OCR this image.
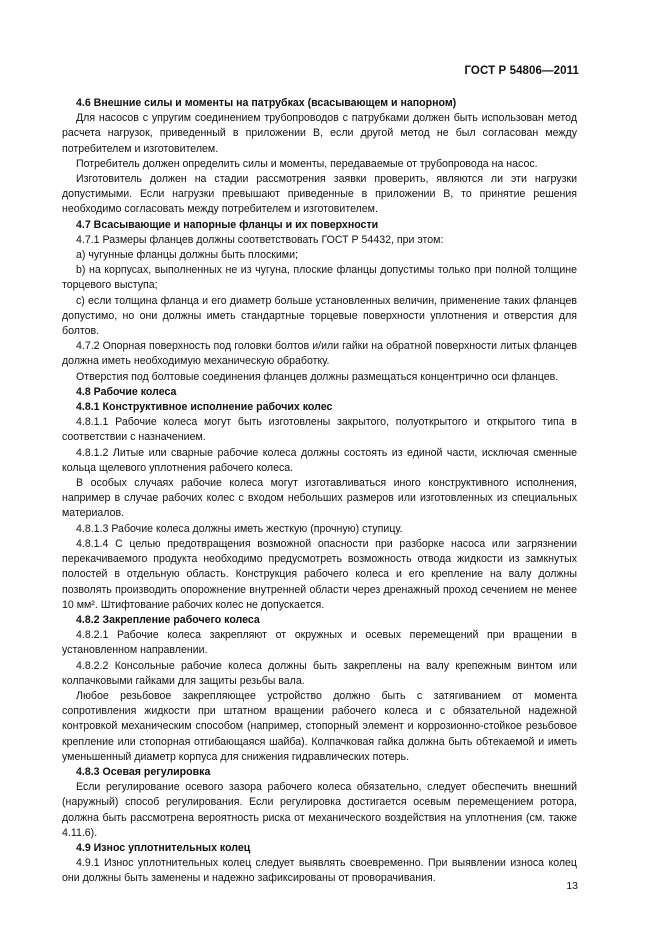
ГОСТ Р 54806—2011
4.6 Внешние силы и моменты на патрубках (всасывающем и напорном)

Для насосов с упругим соединением трубопроводов с патрубками должен быть использован метод расчета нагрузок, приведенный в приложении В, если другой метод не был согласован между потребителем и изготовителем.

Потребитель должен определить силы и моменты, передаваемые от трубопровода на насос.

Изготовитель должен на стадии рассмотрения заявки проверить, являются ли эти нагрузки допустимыми. Если нагрузки превышают приведенные в приложении В, то принятие решения необходимо согласовать между потребителем и изготовителем.

4.7 Всасывающие и напорные фланцы и их поверхности

4.7.1 Размеры фланцев должны соответствовать ГОСТ Р 54432, при этом:

а) чугунные фланцы должны быть плоскими;

b) на корпусах, выполненных не из чугуна, плоские фланцы допустимы только при полной толщине торцевого выступа;

c) если толщина фланца и его диаметр больше установленных величин, применение таких фланцев допустимо, но они должны иметь стандартные торцевые поверхности уплотнения и отверстия для болтов.

4.7.2 Опорная поверхность под головки болтов и/или гайки на обратной поверхности литых фланцев должна иметь необходимую механическую обработку.

Отверстия под болтовые соединения фланцев должны размещаться концентрично оси фланцев.

4.8 Рабочие колеса
4.8.1 Конструктивное исполнение рабочих колес

4.8.1.1 Рабочие колеса могут быть изготовлены закрытого, полуоткрытого и открытого типа в соответствии с назначением.

4.8.1.2 Литые или сварные рабочие колеса должны состоять из единой части, исключая сменные кольца щелевого уплотнения рабочего колеса.

В особых случаях рабочие колеса могут изготавливаться иного конструктивного исполнения, например в случае рабочих колес с входом небольших размеров или изготовленных из специальных материалов.

4.8.1.3 Рабочие колеса должны иметь жесткую (прочную) ступицу.

4.8.1.4 С целью предотвращения возможной опасности при разборке насоса или загрязнении перекачиваемого продукта необходимо предусмотреть возможность отвода жидкости из замкнутых полостей в отдельную область. Конструкция рабочего колеса и его крепление на валу должны позволять производить опорожнение внутренней области через дренажный проход сечением не менее 10 мм². Штифтование рабочих колес не допускается.

4.8.2 Закрепление рабочего колеса

4.8.2.1 Рабочие колеса закрепляют от окружных и осевых перемещений при вращении в установленном направлении.

4.8.2.2 Консольные рабочие колеса должны быть закреплены на валу крепежным винтом или колпачковыми гайками для защиты резьбы вала.

Любое резьбовое закрепляющее устройство должно быть с затягиванием от момента сопротивления жидкости при штатном вращении рабочего колеса и с обязательной надежной контровкой механическим способом (например, стопорный элемент и коррозионно-стойкое резьбовое крепление или стопорная отгибающаяся шайба). Колпачковая гайка должна быть обтекаемой и иметь уменьшенный диаметр корпуса для снижения гидравлических потерь.

4.8.3 Осевая регулировка

Если регулирование осевого зазора рабочего колеса обязательно, следует обеспечить внешний (наружный) способ регулирования. Если регулировка достигается осевым перемещением ротора, должна быть рассмотрена вероятность риска от механического воздействия на уплотнения (см. также 4.11.6).

4.9 Износ уплотнительных колец

4.9.1 Износ уплотнительных колец следует выявлять своевременно. При выявлении износа колец они должны быть заменены и надежно зафиксированы от проворачивания.

13
